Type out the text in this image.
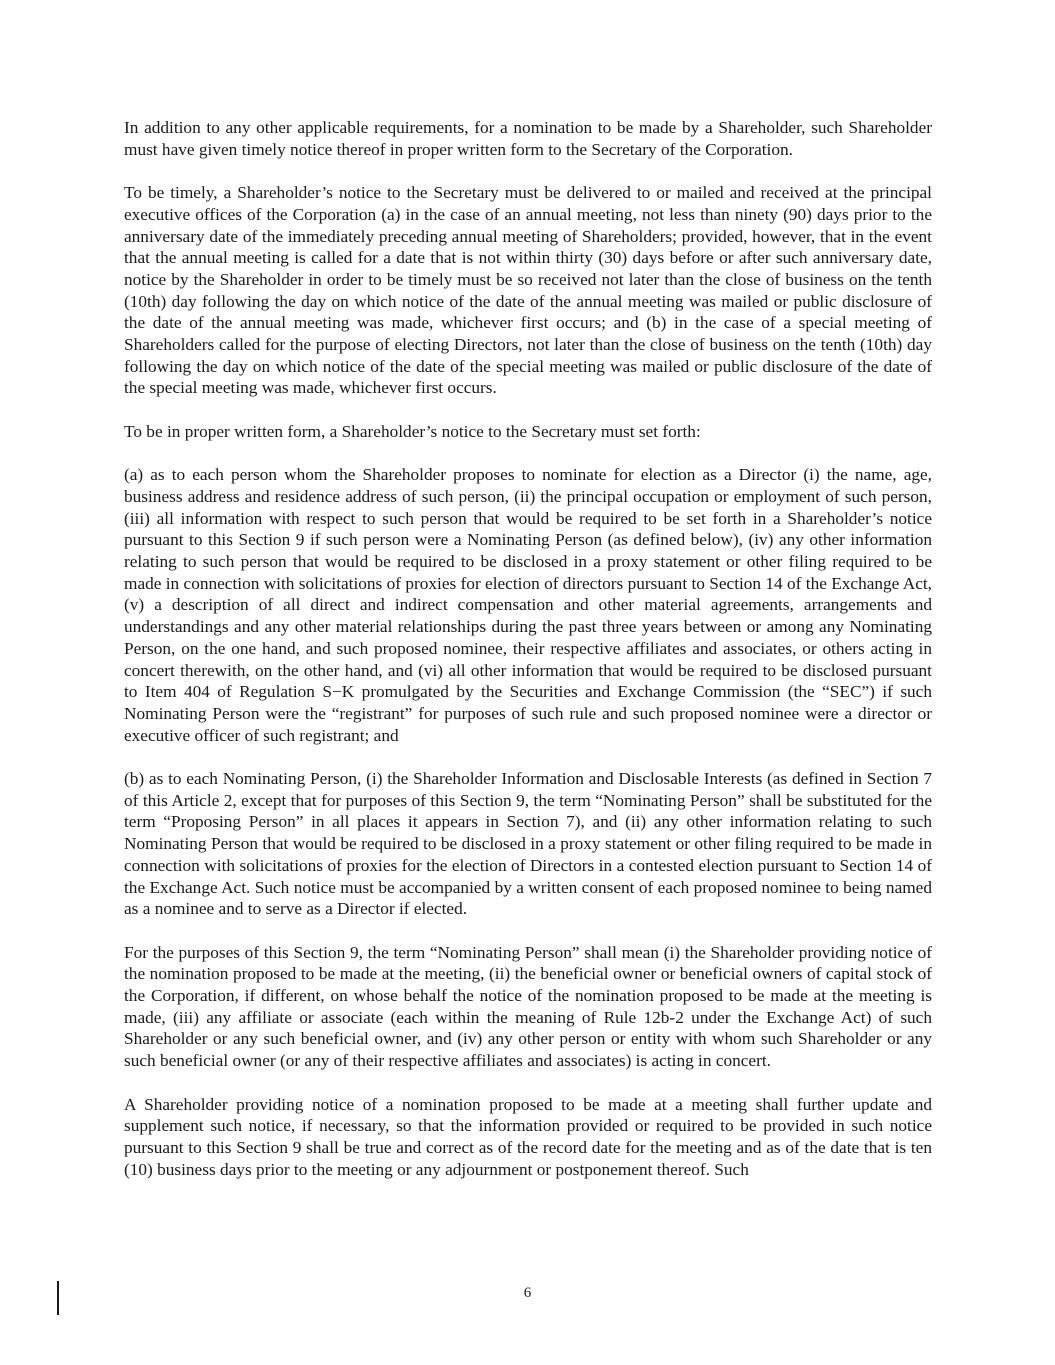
In addition to any other applicable requirements, for a nomination to be made by a Shareholder, such Shareholder must have given timely notice thereof in proper written form to the Secretary of the Corporation.

To be timely, a Shareholder’s notice to the Secretary must be delivered to or mailed and received at the principal executive offices of the Corporation (a) in the case of an annual meeting, not less than ninety (90) days prior to the anniversary date of the immediately preceding annual meeting of Shareholders; provided, however, that in the event that the annual meeting is called for a date that is not within thirty (30) days before or after such anniversary date, notice by the Shareholder in order to be timely must be so received not later than the close of business on the tenth (10th) day following the day on which notice of the date of the annual meeting was mailed or public disclosure of the date of the annual meeting was made, whichever first occurs; and (b) in the case of a special meeting of Shareholders called for the purpose of electing Directors, not later than the close of business on the tenth (10th) day following the day on which notice of the date of the special meeting was mailed or public disclosure of the date of the special meeting was made, whichever first occurs.

To be in proper written form, a Shareholder’s notice to the Secretary must set forth:

(a) as to each person whom the Shareholder proposes to nominate for election as a Director (i) the name, age, business address and residence address of such person, (ii) the principal occupation or employment of such person, (iii) all information with respect to such person that would be required to be set forth in a Shareholder’s notice pursuant to this Section 9 if such person were a Nominating Person (as defined below), (iv) any other information relating to such person that would be required to be disclosed in a proxy statement or other filing required to be made in connection with solicitations of proxies for election of directors pursuant to Section 14 of the Exchange Act, (v) a description of all direct and indirect compensation and other material agreements, arrangements and understandings and any other material relationships during the past three years between or among any Nominating Person, on the one hand, and such proposed nominee, their respective affiliates and associates, or others acting in concert therewith, on the other hand, and (vi) all other information that would be required to be disclosed pursuant to Item 404 of Regulation S−K promulgated by the Securities and Exchange Commission (the “SEC”) if such Nominating Person were the “registrant” for purposes of such rule and such proposed nominee were a director or executive officer of such registrant; and

(b) as to each Nominating Person, (i) the Shareholder Information and Disclosable Interests (as defined in Section 7 of this Article 2, except that for purposes of this Section 9, the term “Nominating Person” shall be substituted for the term “Proposing Person” in all places it appears in Section 7), and (ii) any other information relating to such Nominating Person that would be required to be disclosed in a proxy statement or other filing required to be made in connection with solicitations of proxies for the election of Directors in a contested election pursuant to Section 14 of the Exchange Act. Such notice must be accompanied by a written consent of each proposed nominee to being named as a nominee and to serve as a Director if elected.

For the purposes of this Section 9, the term “Nominating Person” shall mean (i) the Shareholder providing notice of the nomination proposed to be made at the meeting, (ii) the beneficial owner or beneficial owners of capital stock of the Corporation, if different, on whose behalf the notice of the nomination proposed to be made at the meeting is made, (iii) any affiliate or associate (each within the meaning of Rule 12b-2 under the Exchange Act) of such Shareholder or any such beneficial owner, and (iv) any other person or entity with whom such Shareholder or any such beneficial owner (or any of their respective affiliates and associates) is acting in concert.

A Shareholder providing notice of a nomination proposed to be made at a meeting shall further update and supplement such notice, if necessary, so that the information provided or required to be provided in such notice pursuant to this Section 9 shall be true and correct as of the record date for the meeting and as of the date that is ten (10) business days prior to the meeting or any adjournment or postponement thereof. Such

6
